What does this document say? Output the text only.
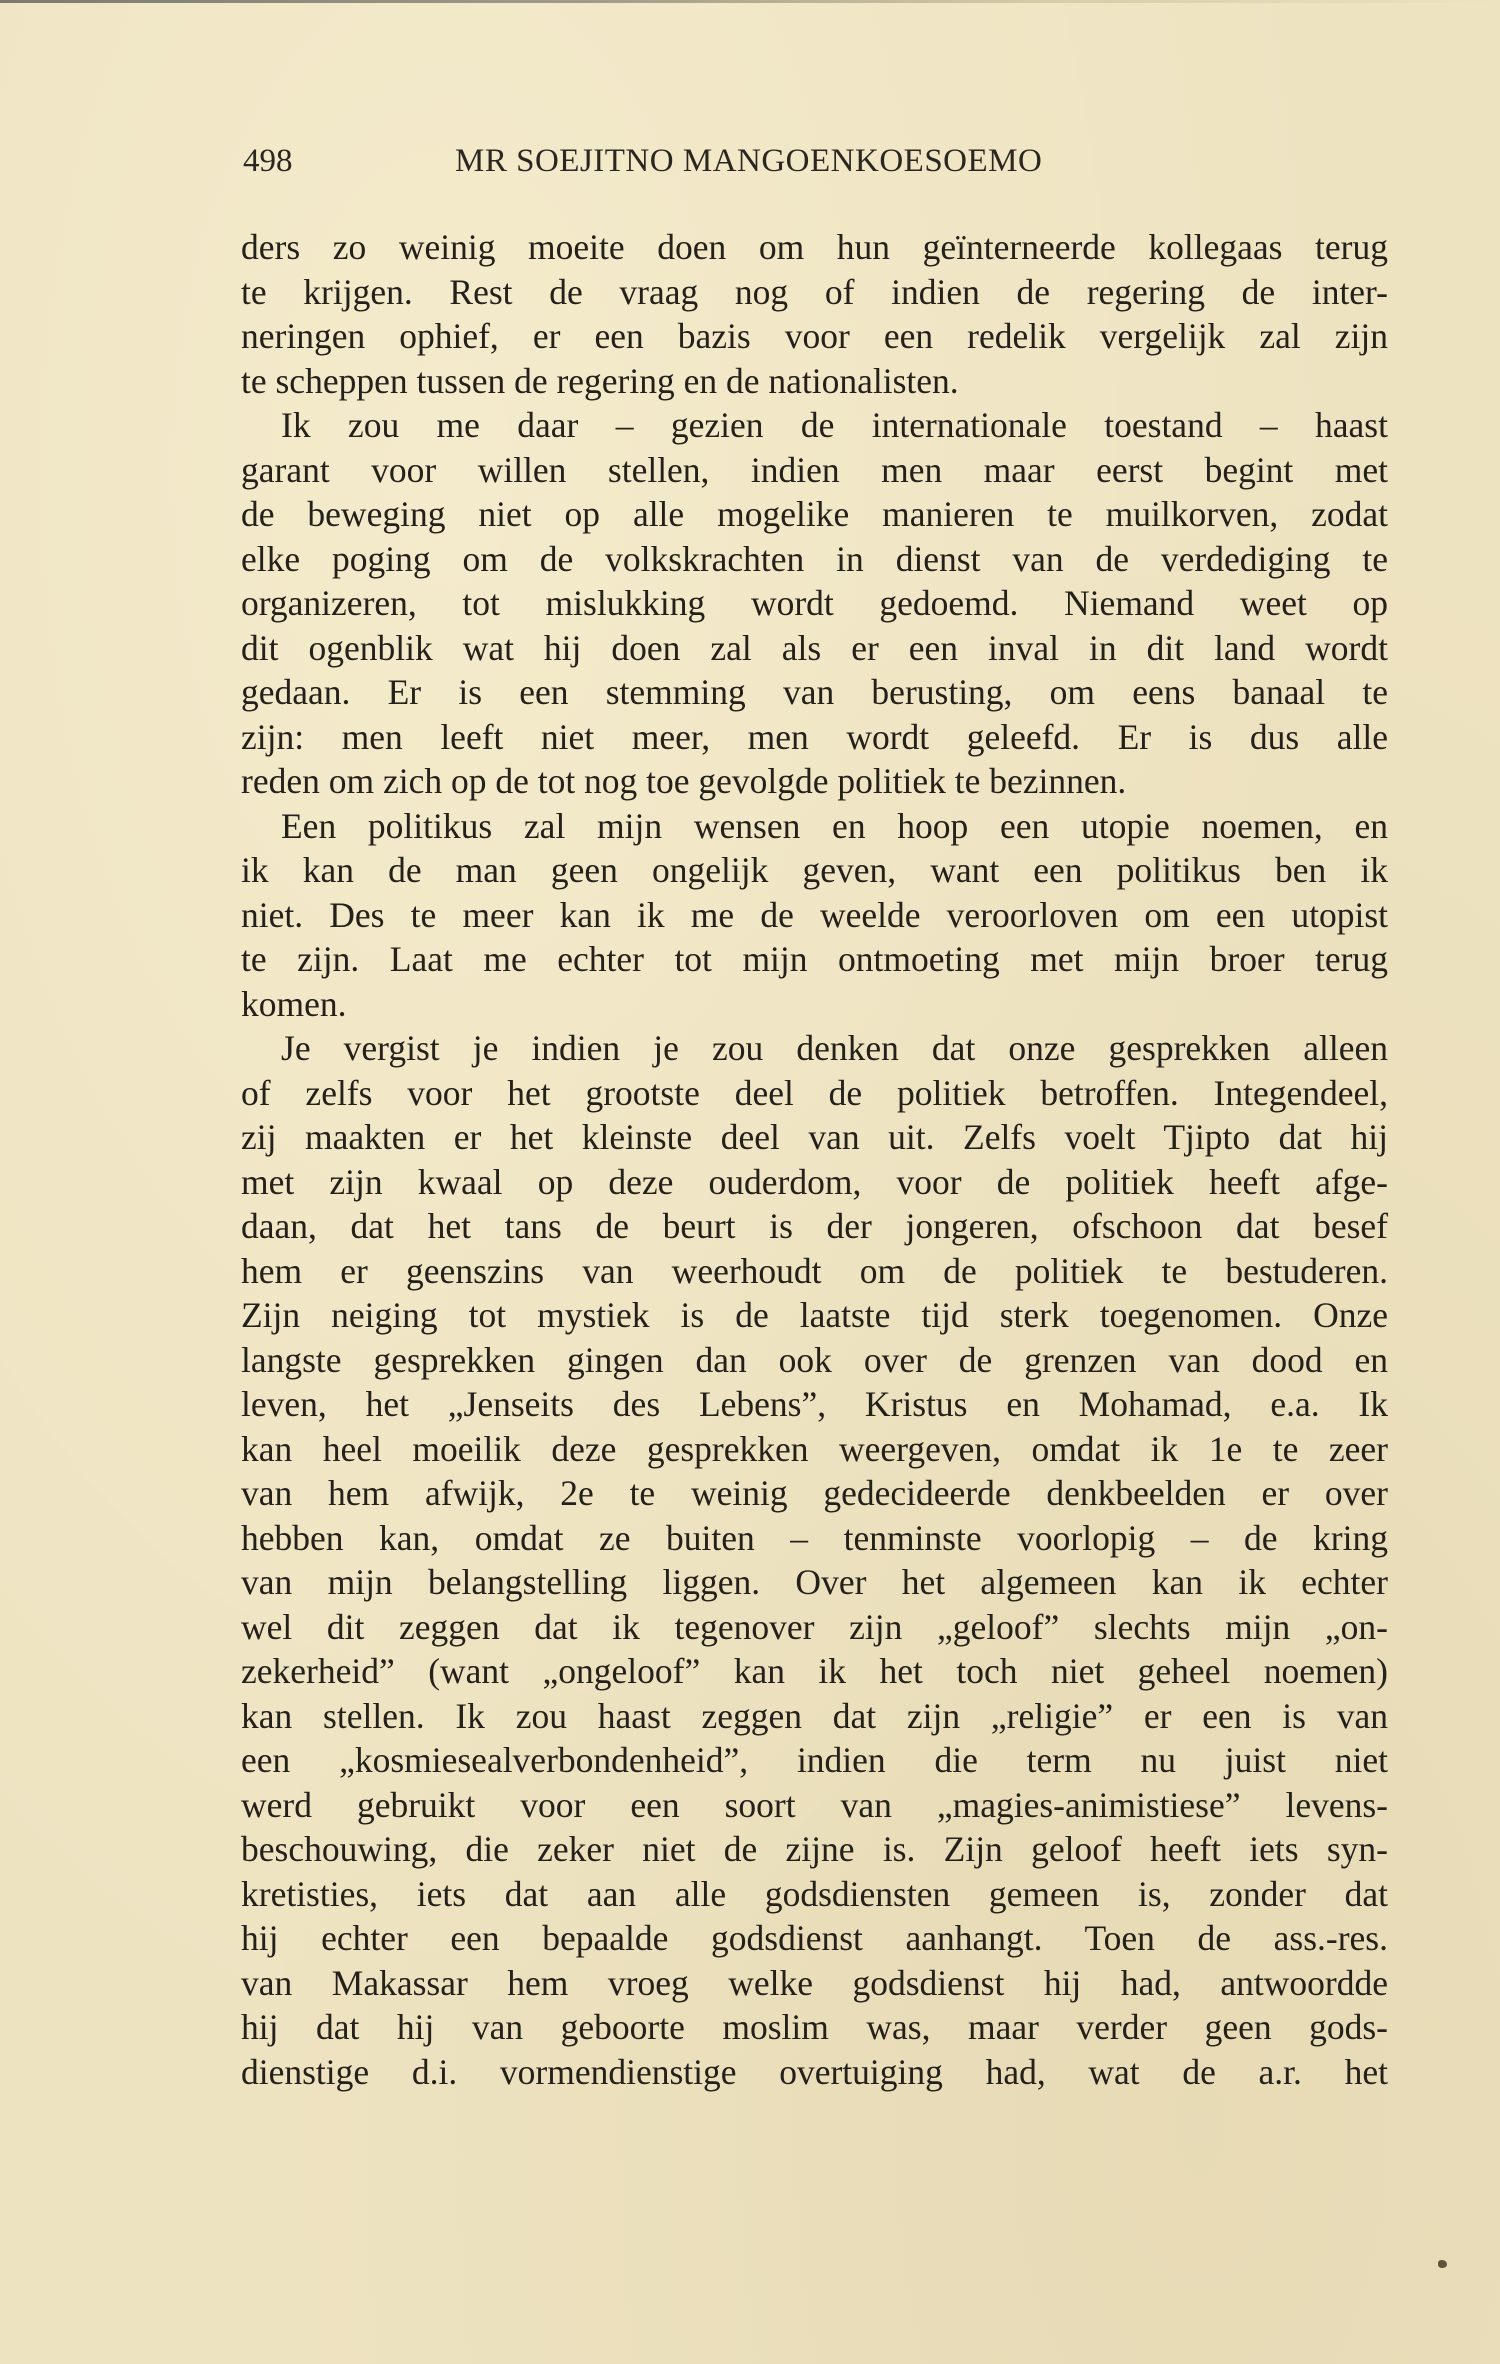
498	MR SOEJITNO MANGOENKOESOEMO
ders zo weinig moeite doen om hun geïnterneerde kollegaas terug
te krijgen. Rest de vraag nog of indien de regering de inter-
neringen ophief, er een bazis voor een redelik vergelijk zal zijn
te scheppen tussen de regering en de nationalisten.
Ik zou me daar – gezien de internationale toestand – haast
garant voor willen stellen, indien men maar eerst begint met
de beweging niet op alle mogelike manieren te muilkorven, zodat
elke poging om de volkskrachten in dienst van de verdediging te
organizeren, tot mislukking wordt gedoemd. Niemand weet op
dit ogenblik wat hij doen zal als er een inval in dit land wordt
gedaan. Er is een stemming van berusting, om eens banaal te
zijn: men leeft niet meer, men wordt geleefd. Er is dus alle
reden om zich op de tot nog toe gevolgde politiek te bezinnen.
Een politikus zal mijn wensen en hoop een utopie noemen, en
ik kan de man geen ongelijk geven, want een politikus ben ik
niet. Des te meer kan ik me de weelde veroorloven om een utopist
te zijn. Laat me echter tot mijn ontmoeting met mijn broer terug
komen.
Je vergist je indien je zou denken dat onze gesprekken alleen
of zelfs voor het grootste deel de politiek betroffen. Integendeel,
zij maakten er het kleinste deel van uit. Zelfs voelt Tjipto dat hij
met zijn kwaal op deze ouderdom, voor de politiek heeft afge-
daan, dat het tans de beurt is der jongeren, ofschoon dat besef
hem er geenszins van weerhoudt om de politiek te bestuderen.
Zijn neiging tot mystiek is de laatste tijd sterk toegenomen. Onze
langste gesprekken gingen dan ook over de grenzen van dood en
leven, het „Jenseits des Lebens”, Kristus en Mohamad, e.a. Ik
kan heel moeilik deze gesprekken weergeven, omdat ik 1e te zeer
van hem afwijk, 2e te weinig gedecideerde denkbeelden er over
hebben kan, omdat ze buiten – tenminste voorlopig – de kring
van mijn belangstelling liggen. Over het algemeen kan ik echter
wel dit zeggen dat ik tegenover zijn „geloof” slechts mijn „on-
zekerheid” (want „ongeloof” kan ik het toch niet geheel noemen)
kan stellen. Ik zou haast zeggen dat zijn „religie” er een is van
een „kosmiesealverbondenheid”, indien die term nu juist niet
werd gebruikt voor een soort van „magies-animistiese” levens-
beschouwing, die zeker niet de zijne is. Zijn geloof heeft iets syn-
kretisties, iets dat aan alle godsdiensten gemeen is, zonder dat
hij echter een bepaalde godsdienst aanhangt. Toen de ass.-res.
van Makassar hem vroeg welke godsdienst hij had, antwoordde
hij dat hij van geboorte moslim was, maar verder geen gods-
dienstige d.i. vormendienstige overtuiging had, wat de a.r. het
